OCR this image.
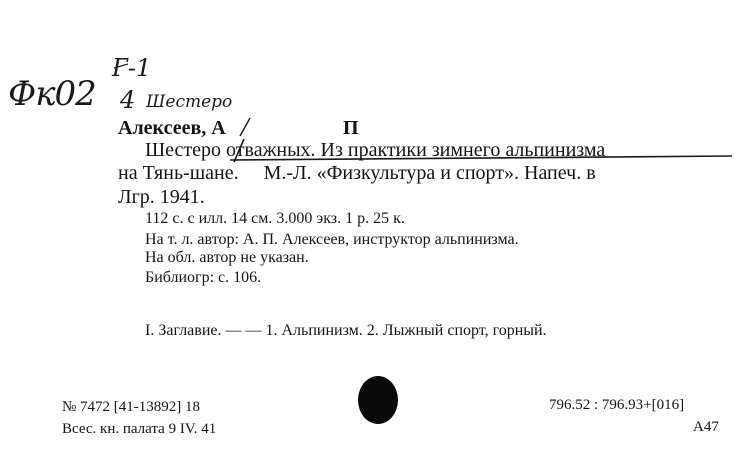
Фк02
Г-1
4 Шестеро
Алексеев, А	П
Шестеро отважных. Из практики зимнего альпинизма
на Тянь-шане.     М.-Л. «Физкультура и спорт». Напеч. в
Лгр. 1941.
112 с. с илл. 14 см. 3.000 экз. 1 р. 25 к.
На т. л. автор: А. П. Алексеев, инструктор альпинизма.
На обл. автор не указан.
Библиогр: с. 106.
I. Заглавие. — — 1. Альпинизм. 2. Лыжный спорт, горный.
№ 7472 [41-13892] 18
Всес. кн. палата 9 IV. 41
796.52 : 796.93+[016]
A47
